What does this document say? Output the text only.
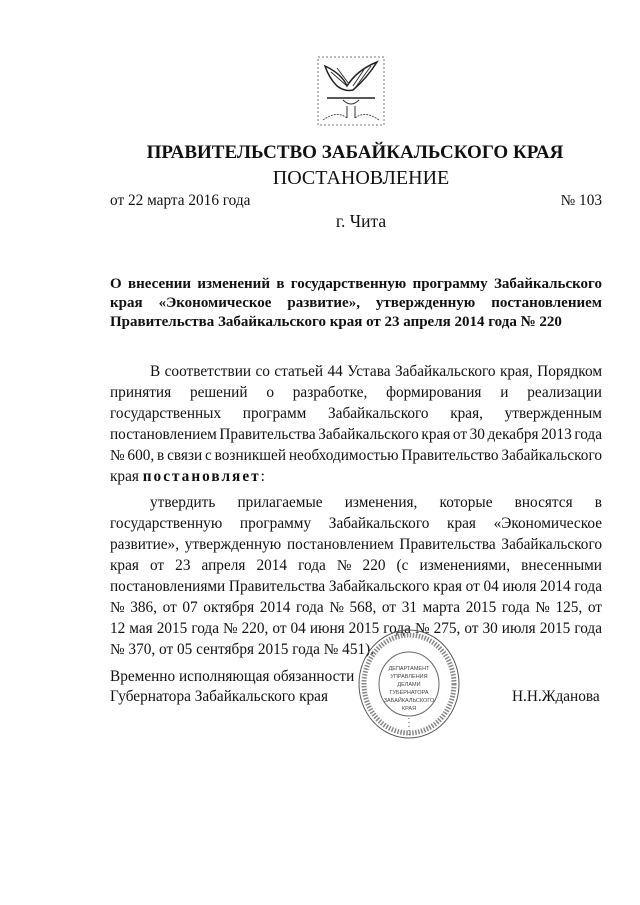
ПРАВИТЕЛЬСТВО ЗАБАЙКАЛЬСКОГО КРАЯ
ПОСТАНОВЛЕНИЕ
от 22 марта 2016 года	№ 103
г. Чита
О внесении изменений в государственную программу Забайкальского
края «Экономическое развитие», утвержденную постановлением
Правительства Забайкальского края от 23 апреля 2014 года № 220
В соответствии со статьей 44 Устава Забайкальского края, Порядком
принятия решений о разработке, формирования и реализации
государственных программ Забайкальского края, утвержденным
постановлением Правительства Забайкальского края от 30 декабря 2013 года
№ 600, в связи с возникшей необходимостью Правительство Забайкальского
края постановляет:
утвердить прилагаемые изменения, которые вносятся в
государственную программу Забайкальского края «Экономическое
развитие», утвержденную постановлением Правительства Забайкальского
края от 23 апреля 2014 года № 220 (с изменениями, внесенными
постановлениями Правительства Забайкальского края от 04 июля 2014 года
№ 386, от 07 октября 2014 года № 568, от 31 марта 2015 года № 125, от
12 мая 2015 года № 220, от 04 июня 2015 года № 275, от 30 июля 2015 года
№ 370, от 05 сентября 2015 года № 451).
Временно исполняющая обязанности
Губернатора Забайкальского края	Н.Н.Жданова
ДЕПАРТАМЕНТ
УПРАВЛЕНИЯ
ДЕЛАМИ
ГУБЕРНАТОРА
ЗАБАЙКАЛЬСКОГО
КРАЯ
